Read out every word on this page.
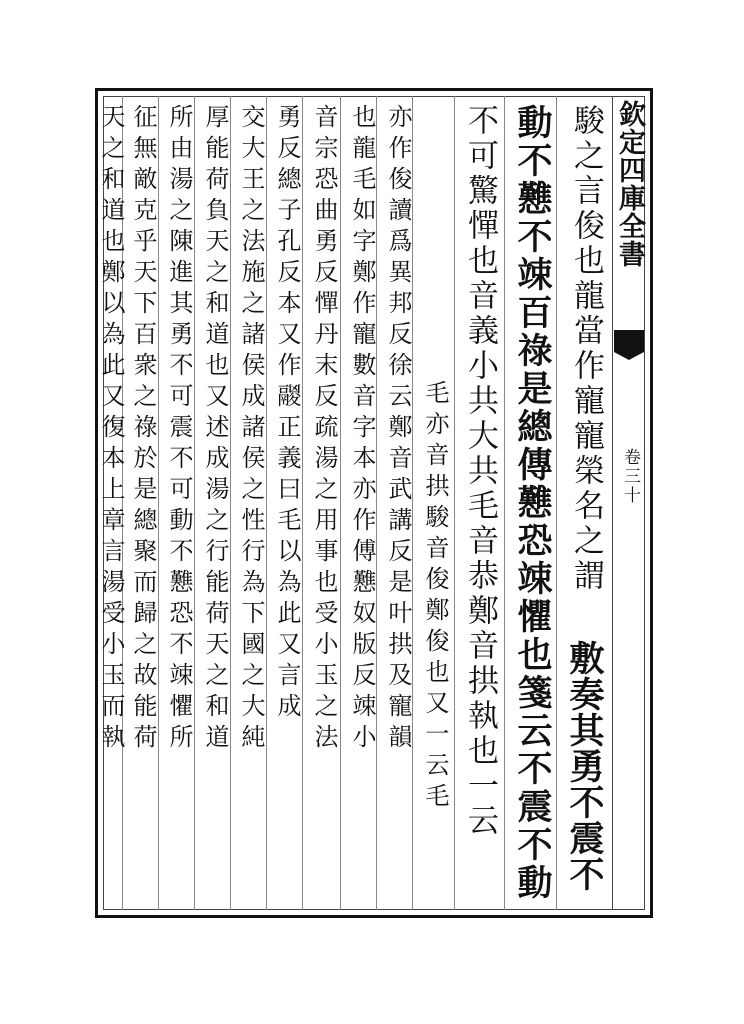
欽定四庫全書
卷三十
駿之言俊也龍當作寵寵榮名之謂
敷奏其勇不震不
動不戁不竦百祿是總傳戁恐竦懼也箋云不震不動
不可驚憚也音義小共大共毛音恭鄭音拱執也一云
毛亦音拱駿音俊鄭俊也又一云毛
亦作俊讀爲異邦反徐云鄭音武講反是叶拱及寵韻
也龍毛如字鄭作寵數音字本亦作傅戁奴版反竦小
音宗恐曲勇反憚丹末反疏湯之用事也受小玉之法
勇反總子孔反本又作鬷正義曰毛以為此又言成
交大王之法施之諸侯成諸侯之性行為下國之大純
厚能荷負天之和道也又述成湯之行能荷天之和道
所由湯之陳進其勇不可震不可動不戁恐不竦懼所
征無敵克乎天下百衆之祿於是總聚而歸之故能荷
天之和道也鄭以為此又復本上章言湯受小玉而執
